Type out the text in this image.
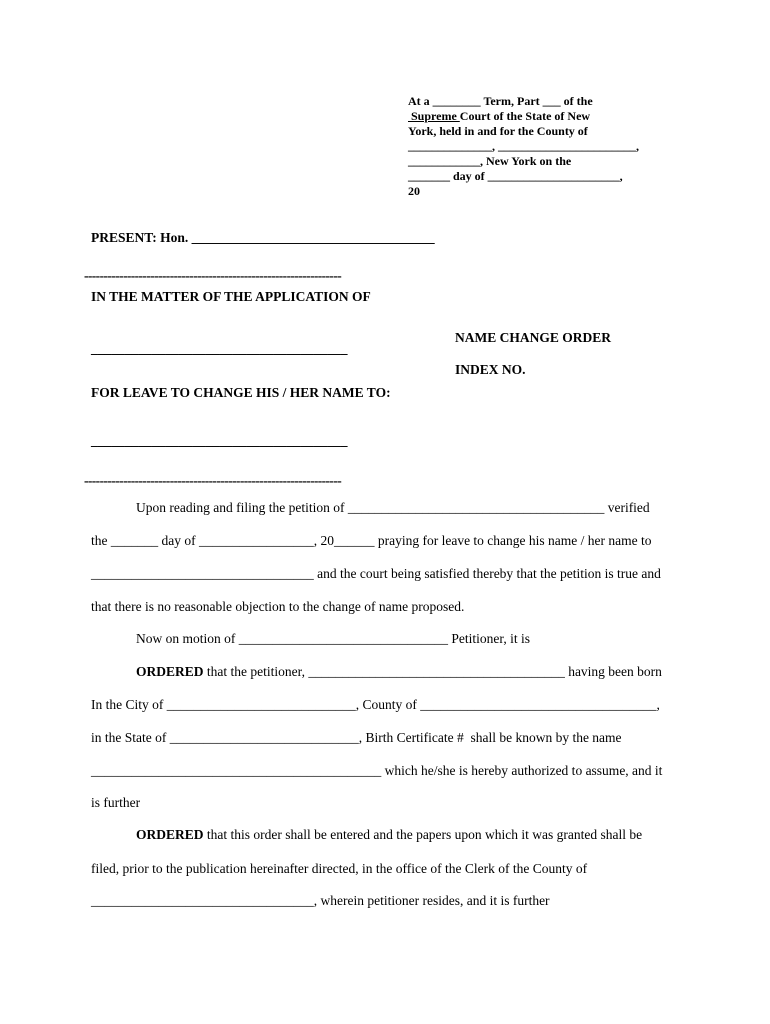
At a ________ Term, Part ___ of the
Supreme Court of the State of New
York, held in and for the County of
______________, _______________________,
____________, New York on the
_______ day of ______________________,
20
PRESENT: Hon. ____________________________________
------------------------------------------------------------------
IN THE MATTER OF THE APPLICATION OF
NAME CHANGE ORDER
______________________________________
INDEX NO.
FOR LEAVE TO CHANGE HIS / HER NAME TO:
______________________________________
------------------------------------------------------------------
Upon reading and filing the petition of ______________________________________ verified
the _______ day of _________________, 20______ praying for leave to change his name / her name to
_________________________________ and the court being satisfied thereby that the petition is true and
that there is no reasonable objection to the change of name proposed.
Now on motion of _______________________________ Petitioner, it is
ORDERED that the petitioner, ______________________________________ having been born
In the City of ____________________________, County of ___________________________________,
in the State of ____________________________, Birth Certificate #  shall be known by the name
___________________________________________ which he/she is hereby authorized to assume, and it
is further
ORDERED that this order shall be entered and the papers upon which it was granted shall be
filed, prior to the publication hereinafter directed, in the office of the Clerk of the County of
_________________________________, wherein petitioner resides, and it is further
